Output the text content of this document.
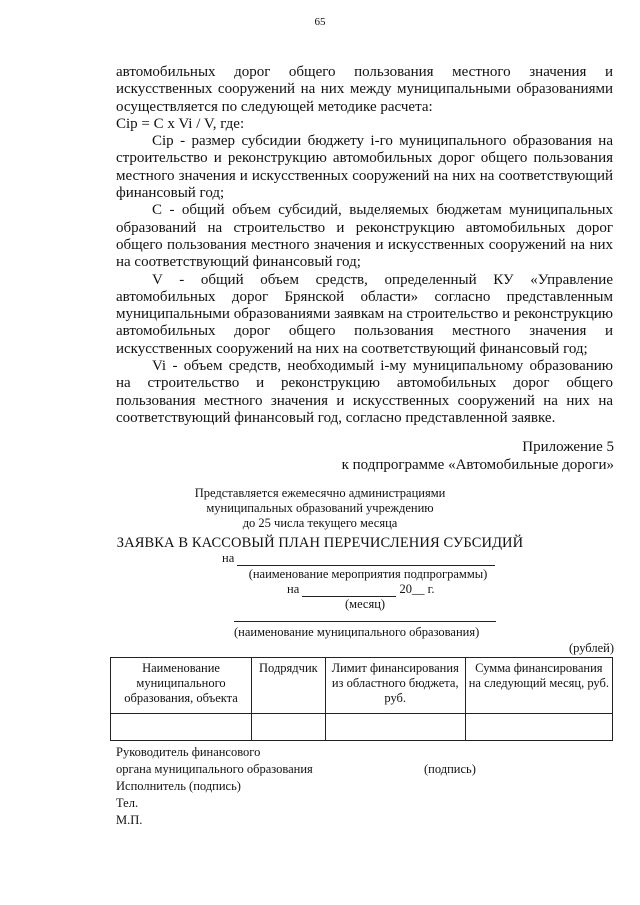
65

автомобильных дорог общего пользования местного значения и искусственных сооружений на них между муниципальными образованиями осуществляется по следующей методике расчета:

Сip = C x Vi / V, где:

Сip - размер субсидии бюджету i-го муниципального образования на строительство и реконструкцию автомобильных дорог общего пользования местного значения и искусственных сооружений на них на соответствующий финансовый год;

С - общий объем субсидий, выделяемых бюджетам муниципальных образований на строительство и реконструкцию автомобильных дорог общего пользования местного значения и искусственных сооружений на них на соответствующий финансовый год;

V - общий объем средств, определенный КУ «Управление автомобильных дорог Брянской области» согласно представленным муниципальными образованиями заявкам на строительство и реконструкцию автомобильных дорог общего пользования местного значения и искусственных сооружений на них на соответствующий финансовый год;

Vi - объем средств, необходимый i-му муниципальному образованию на строительство и реконструкцию автомобильных дорог общего пользования местного значения и искусственных сооружений на них на соответствующий финансовый год, согласно представленной заявке.

Приложение 5
к подпрограмме «Автомобильные дороги»
Представляется ежемесячно администрациями
муниципальных образований учреждению
до 25 числа текущего месяца
ЗАЯВКА В КАССОВЫЙ ПЛАН ПЕРЕЧИСЛЕНИЯ СУБСИДИЙ
на
(наименование мероприятия подпрограммы)
на	20__ г.
(месяц)
(наименование муниципального образования)
(рублей)
Наименование муниципального образования, объекта	Подрядчик	Лимит финансирования из областного бюджета, руб.	Сумма финансирования на следующий месяц, руб.

Руководитель финансового
органа муниципального образования
Исполнитель (подпись)
Тел.
М.П.
(подпись)
